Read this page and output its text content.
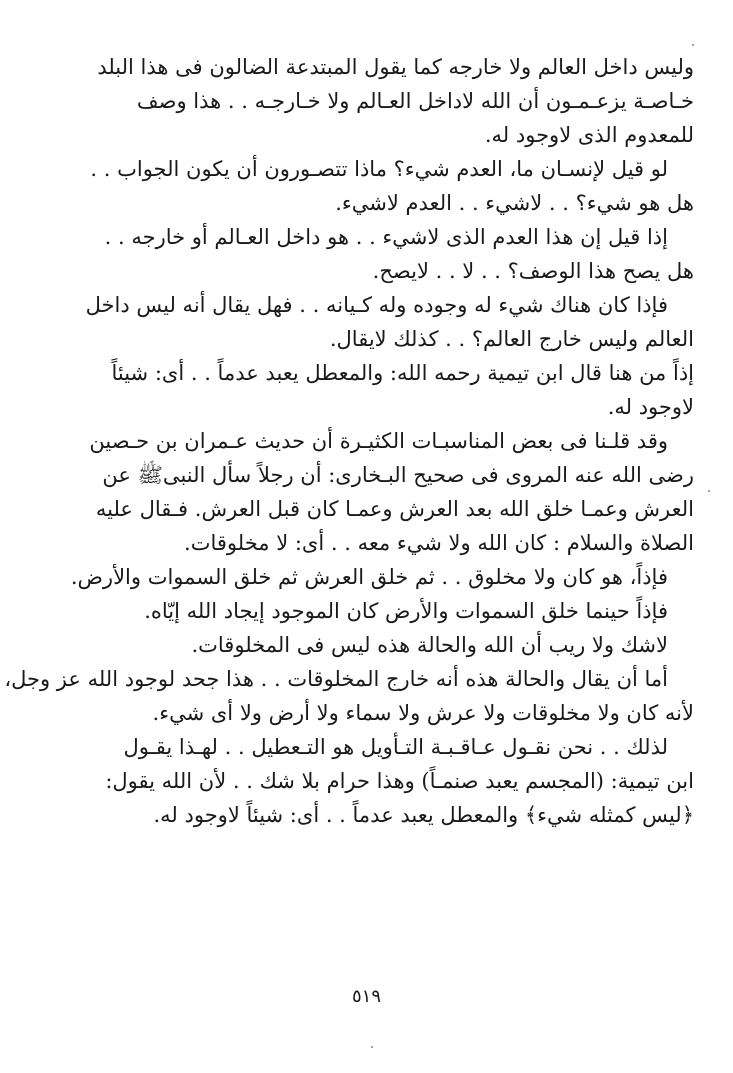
وليس داخل العالم ولا خارجه كما يقول المبتدعة الضالون فى هذا البلد
خـاصـة يزعـمـون أن الله لاداخل العـالم ولا خـارجـه . . هذا وصف
للمعدوم الذى لاوجود له.
لو قيل لإنسـان ما، العدم شيء؟ ماذا تتصـورون أن يكون الجواب . .
هل هو شيء؟ . . لاشيء . . العدم لاشيء.
إذا قيل إن هذا العدم الذى لاشيء . . هو داخل العـالم أو خارجه . .
هل يصح هذا الوصف؟ . . لا . . لايصح.
فإذا كان هناك شيء له وجوده وله كـيانه . . فهل يقال أنه ليس داخل
العالم وليس خارج العالم؟ . . كذلك لايقال.
إذاً من هنا قال ابن تيمية رحمه الله: والمعطل يعبد عدماً . . أى: شيئاً
لاوجود له.
وقد قلـنا فى بعض المناسبـات الكثيـرة أن حديث عـمران بن حـصين
رضى الله عنه المروى فى صحيح البـخارى: أن رجلاً سأل النبىﷺ عن
العرش وعمـا خلق الله بعد العرش وعمـا كان قبل العرش. فـقال عليه
الصلاة والسلام : كان الله ولا شيء معه . . أى: لا مخلوقات.
فإذاً، هو كان ولا مخلوق . . ثم خلق العرش ثم خلق السموات والأرض.
فإذاً حينما خلق السموات والأرض كان الموجود إيجاد الله إيّاه.
لاشك ولا ريب أن الله والحالة هذه ليس فى المخلوقات.
أما أن يقال والحالة هذه أنه خارج المخلوقات . . هذا جحد لوجود الله عز وجل،
لأنه كان ولا مخلوقات ولا عرش ولا سماء ولا أرض ولا أى شيء.
لذلك . . نحن نقـول عـاقـبـة التـأويل هو التـعطيل . . لهـذا يقـول
ابن تيمية: (المجسم يعبد صنمـاً) وهذا حرام بلا شك . . لأن الله يقول:
﴿ليس كمثله شيء﴾ والمعطل يعبد عدماً . . أى: شيئاً لاوجود له.
٥١٩
